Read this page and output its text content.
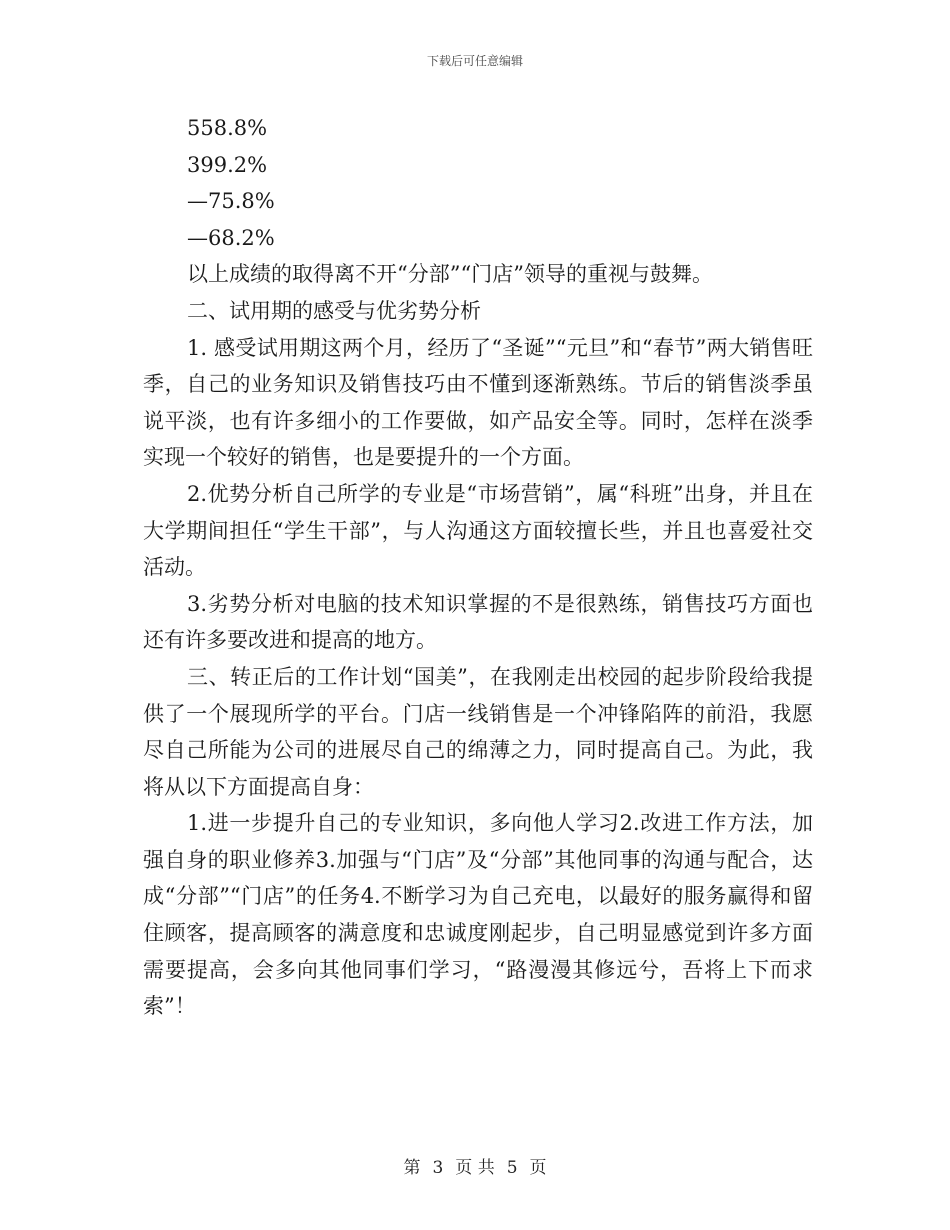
下载后可任意编辑

558.8%

399.2%

—75.8%

—68.2%

以上成绩的取得离不开“分部”“门店”领导的重视与鼓舞。

二、试用期的感受与优劣势分析

1. 感受试用期这两个月，经历了“圣诞”“元旦”和“春节”两大销售旺季，自己的业务知识及销售技巧由不懂到逐渐熟练。节后的销售淡季虽说平淡，也有许多细小的工作要做，如产品安全等。同时，怎样在淡季实现一个较好的销售，也是要提升的一个方面。

2.优势分析自己所学的专业是“市场营销”，属“科班”出身，并且在大学期间担任“学生干部”，与人沟通这方面较擅长些，并且也喜爱社交活动。

3.劣势分析对电脑的技术知识掌握的不是很熟练，销售技巧方面也还有许多要改进和提高的地方。

三、转正后的工作计划“国美”，在我刚走出校园的起步阶段给我提供了一个展现所学的平台。门店一线销售是一个冲锋陷阵的前沿，我愿尽自己所能为公司的进展尽自己的绵薄之力，同时提高自己。为此，我将从以下方面提高自身：

1.进一步提升自己的专业知识，多向他人学习2.改进工作方法，加强自身的职业修养3.加强与“门店”及“分部”其他同事的沟通与配合，达成“分部”“门店”的任务4.不断学习为自己充电，以最好的服务赢得和留住顾客，提高顾客的满意度和忠诚度刚起步，自己明显感觉到许多方面需要提高，会多向其他同事们学习，“路漫漫其修远兮，吾将上下而求索”！

第 3 页 共 5 页
